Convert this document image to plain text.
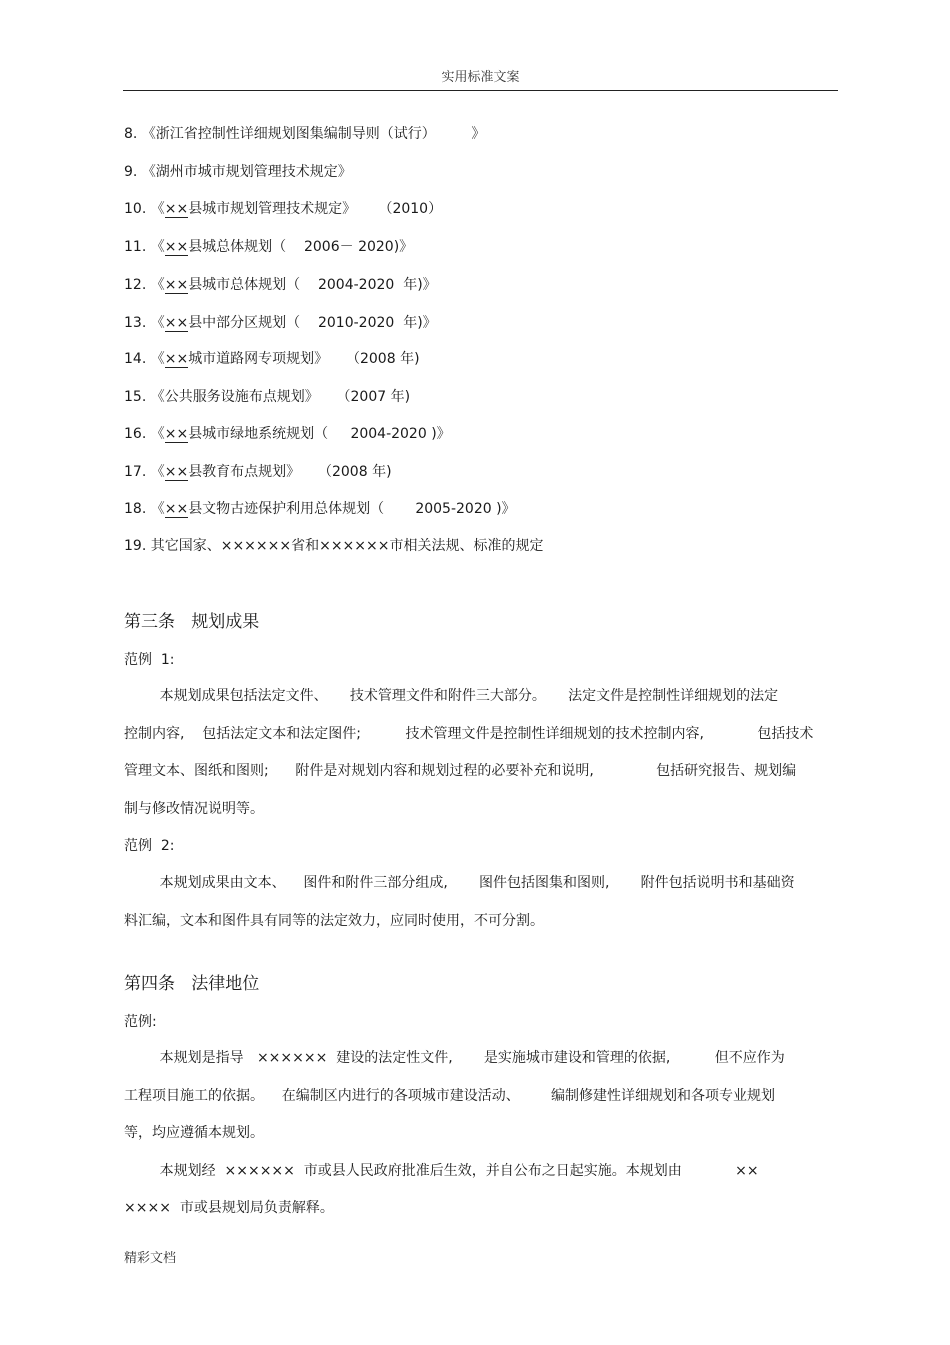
实用标准文案
8. 《浙江省控制性详细规划图集编制导则（试行）        》
9. 《湖州市城市规划管理技术规定》
10. 《××县城市规划管理技术规定》     （2010）
11. 《××县城总体规划（    2006－ 2020)》
12. 《××县城市总体规划（    2004-2020  年)》
13. 《××县中部分区规划（    2010-2020  年)》
14. 《××城市道路网专项规划》    （2008 年)
15. 《公共服务设施布点规划》    （2007 年)
16. 《××县城市绿地系统规划（     2004-2020 )》
17. 《××县教育布点规划》    （2008 年)
18. 《××县文物古迹保护利用总体规划（       2005-2020 )》
19. 其它国家、××××××省和××××××市相关法规、标准的规定
第三条   规划成果
范例  1:
本规划成果包括法定文件、     技术管理文件和附件三大部分。     法定文件是控制性详细规划的法定
控制内容,    包括法定文本和法定图件;          技术管理文件是控制性详细规划的技术控制内容,            包括技术
管理文本、图纸和图则;      附件是对规划内容和规划过程的必要补充和说明,              包括研究报告、规划编
制与修改情况说明等。
范例  2:
本规划成果由文本、    图件和附件三部分组成,       图件包括图集和图则,       附件包括说明书和基础资
料汇编，文本和图件具有同等的法定效力，应同时使用，不可分割。
第四条   法律地位
范例:
本规划是指导   ××××××  建设的法定性文件,       是实施城市建设和管理的依据,          但不应作为
工程项目施工的依据。    在编制区内进行的各项城市建设活动、       编制修建性详细规划和各项专业规划
等，均应遵循本规划。
本规划经  ××××××  市或县人民政府批准后生效，并自公布之日起实施。本规划由            ××
××××  市或县规划局负责解释。
精彩文档
